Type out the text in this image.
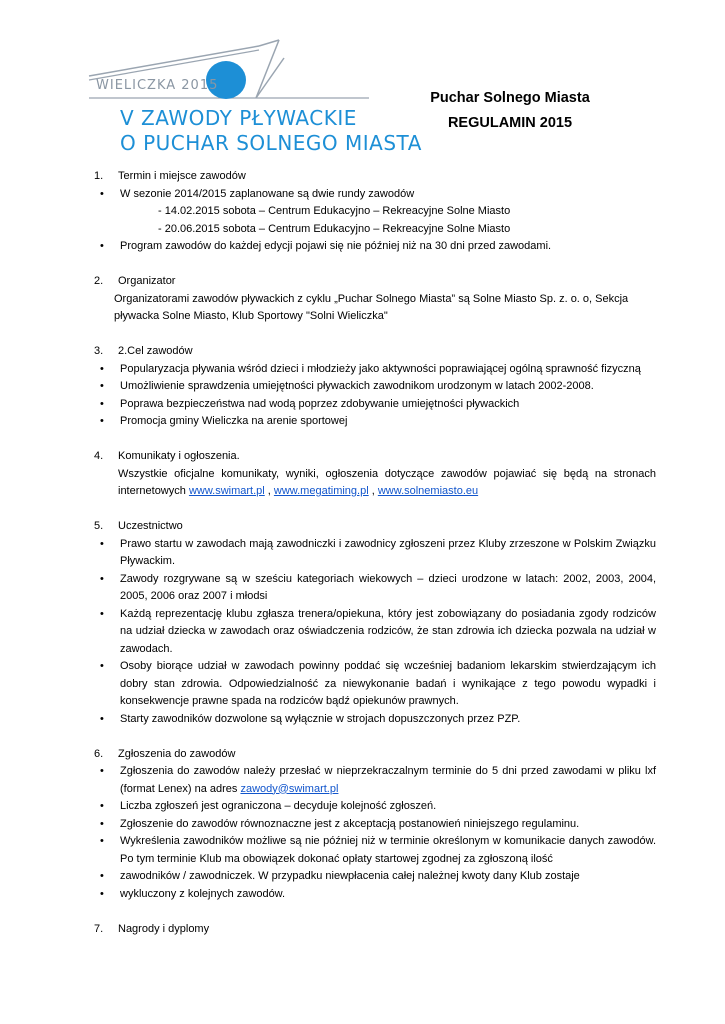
WIELICZKA 2015
V ZAWODY PŁYWACKIE
O PUCHAR SOLNEGO MIASTA
Puchar Solnego Miasta
REGULAMIN 2015
1.	Termin i miejsce zawodów
• W sezonie 2014/2015 zaplanowane są dwie rundy zawodów
- 14.02.2015 sobota – Centrum Edukacyjno – Rekreacyjne Solne Miasto
- 20.06.2015 sobota – Centrum Edukacyjno – Rekreacyjne Solne Miasto
• Program zawodów do każdej edycji pojawi się nie później niż na 30 dni przed zawodami.
2.	Organizator
Organizatorami zawodów pływackich z cyklu „Puchar Solnego Miasta” są Solne Miasto Sp. z. o. o, Sekcja
pływacka Solne Miasto, Klub Sportowy "Solni Wieliczka"
3.	2.Cel zawodów
• Popularyzacja pływania wśród dzieci i młodzieży jako aktywności poprawiającej ogólną sprawność fizyczną
• Umożliwienie sprawdzenia umiejętności pływackich zawodnikom urodzonym w latach 2002-2008.
• Poprawa bezpieczeństwa nad wodą poprzez zdobywanie umiejętności pływackich
• Promocja gminy Wieliczka na arenie sportowej
4.	Komunikaty i ogłoszenia.
Wszystkie oficjalne komunikaty, wyniki, ogłoszenia dotyczące zawodów pojawiać się będą na stronach internetowych www.swimart.pl , www.megatiming.pl , www.solnemiasto.eu
5.	Uczestnictwo
• Prawo startu w zawodach mają zawodniczki i zawodnicy zgłoszeni przez Kluby zrzeszone w Polskim Związku Pływackim.
• Zawody rozgrywane są w sześciu kategoriach wiekowych – dzieci urodzone w latach: 2002, 2003, 2004, 2005, 2006 oraz 2007 i młodsi
• Każdą reprezentację klubu zgłasza trenera/opiekuna, który jest zobowiązany do posiadania zgody rodziców na udział dziecka w zawodach oraz oświadczenia rodziców, że stan zdrowia ich dziecka pozwala na udział w zawodach.
• Osoby biorące udział w zawodach powinny poddać się wcześniej badaniom lekarskim stwierdzającym ich dobry stan zdrowia. Odpowiedzialność za niewykonanie badań i wynikające z tego powodu wypadki i konsekwencje prawne spada na rodziców bądź opiekunów prawnych.
• Starty zawodników dozwolone są wyłącznie w strojach dopuszczonych przez PZP.
6.	Zgłoszenia do zawodów
• Zgłoszenia do zawodów należy przesłać w nieprzekraczalnym terminie do 5 dni przed zawodami w pliku lxf (format Lenex) na adres zawody@swimart.pl
• Liczba zgłoszeń jest ograniczona – decyduje kolejność zgłoszeń.
• Zgłoszenie do zawodów równoznaczne jest z akceptacją postanowień niniejszego regulaminu.
• Wykreślenia zawodników możliwe są nie później niż w terminie określonym w komunikacie danych zawodów. Po tym terminie Klub ma obowiązek dokonać opłaty startowej zgodnej za zgłoszoną ilość
• zawodników / zawodniczek. W przypadku niewpłacenia całej należnej kwoty dany Klub zostaje
• wykluczony z kolejnych zawodów.
7.	Nagrody i dyplomy
